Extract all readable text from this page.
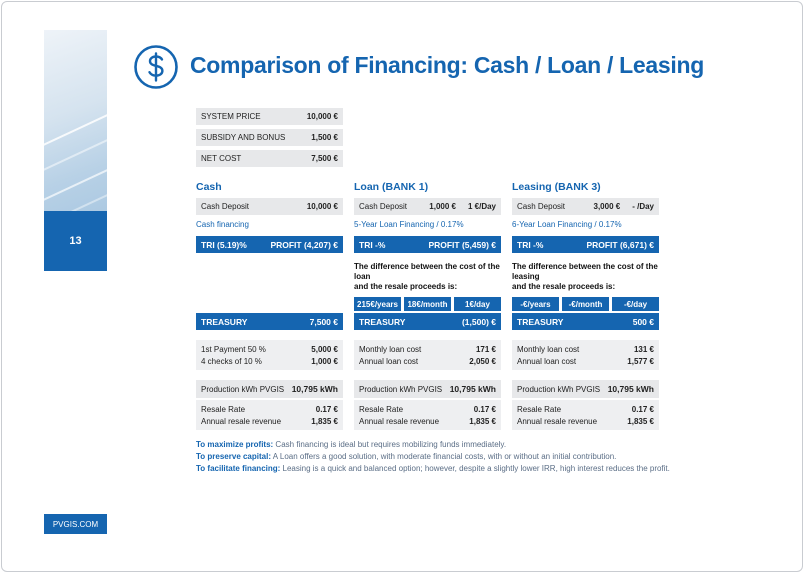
13
PVGIS.COM
Comparison of Financing: Cash / Loan / Leasing
SYSTEM PRICE	10,000 €
SUBSIDY AND BONUS	1,500 €
NET COST	7,500 €
Cash
Cash Deposit	10,000 €
Cash financing
TRI (5.19)%	PROFIT (4,207) €
TREASURY	7,500 €
1st Payment 50 %	5,000 €
4 checks of 10 %	1,000 €
Production kWh PVGIS 10,795 kWh
Resale Rate	0.17 €
Annual resale revenue	1,835 €
Loan (BANK 1)
Cash Deposit	1,000 € 1 €/Day
5-Year Loan Financing / 0.17%
TRI -%	PROFIT (5,459) €
The difference between the cost of the
loan
and the resale proceeds is:
215€/years	18€/month	1€/day
TREASURY	(1,500) €
Monthly loan cost	171 €
Annual loan cost	2,050 €
Production kWh PVGIS 10,795 kWh
Resale Rate	0.17 €
Annual resale revenue	1,835 €
Leasing (BANK 3)
Cash Deposit	3,000 € - /Day
6-Year Loan Financing / 0.17%
TRI -%	PROFIT (6,671) €
The difference between the cost of the
leasing
and the resale proceeds is:
-€/years	-€/month	-€/day
TREASURY	500 €
Monthly loan cost	131 €
Annual loan cost	1,577 €
Production kWh PVGIS 10,795 kWh
Resale Rate	0.17 €
Annual resale revenue	1,835 €
To maximize profits: Cash financing is ideal but requires mobilizing funds immediately.
To preserve capital: A Loan offers a good solution, with moderate financial costs, with or without an initial contribution.
To facilitate financing: Leasing is a quick and balanced option; however, despite a slightly lower IRR, high interest reduces the profit.
